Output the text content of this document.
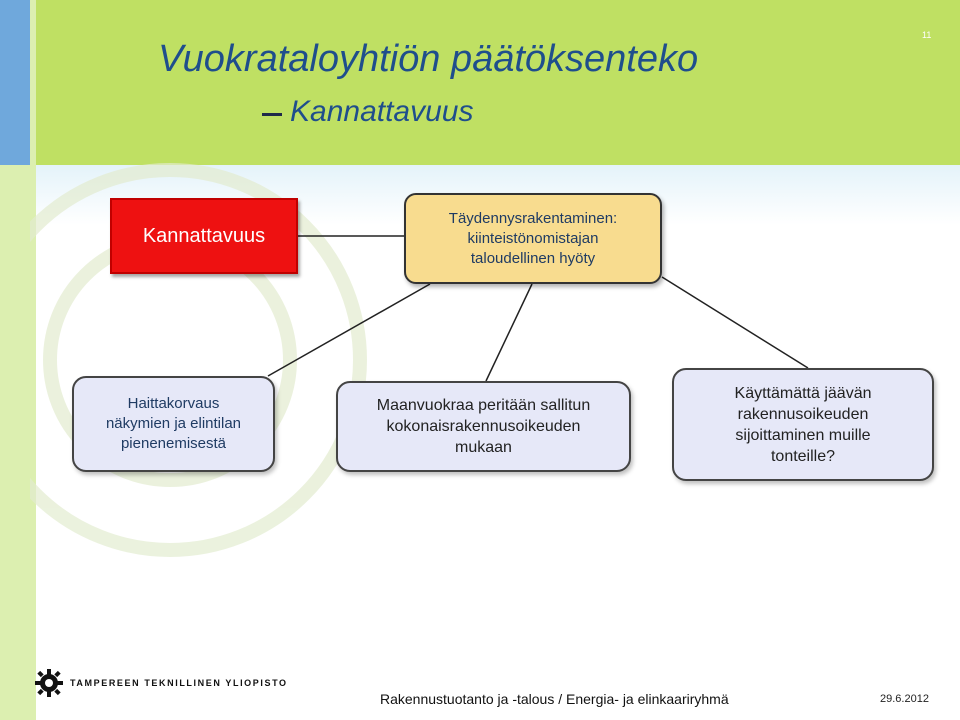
Vuokrataloyhtiön päätöksenteko
Kannattavuus
11
Kannattavuus
Täydennysrakentaminen:
kiinteistönomistajan
taloudellinen hyöty
Haittakorvaus
näkymien ja elintilan
pienenemisestä
Maanvuokraa peritään sallitun
kokonaisrakennusoikeuden
mukaan
Käyttämättä jäävän
rakennusoikeuden
sijoittaminen muille
tonteille?
TAMPEREEN TEKNILLINEN YLIOPISTO
Rakennustuotanto ja -talous / Energia- ja elinkaariryhmä	29.6.2012
